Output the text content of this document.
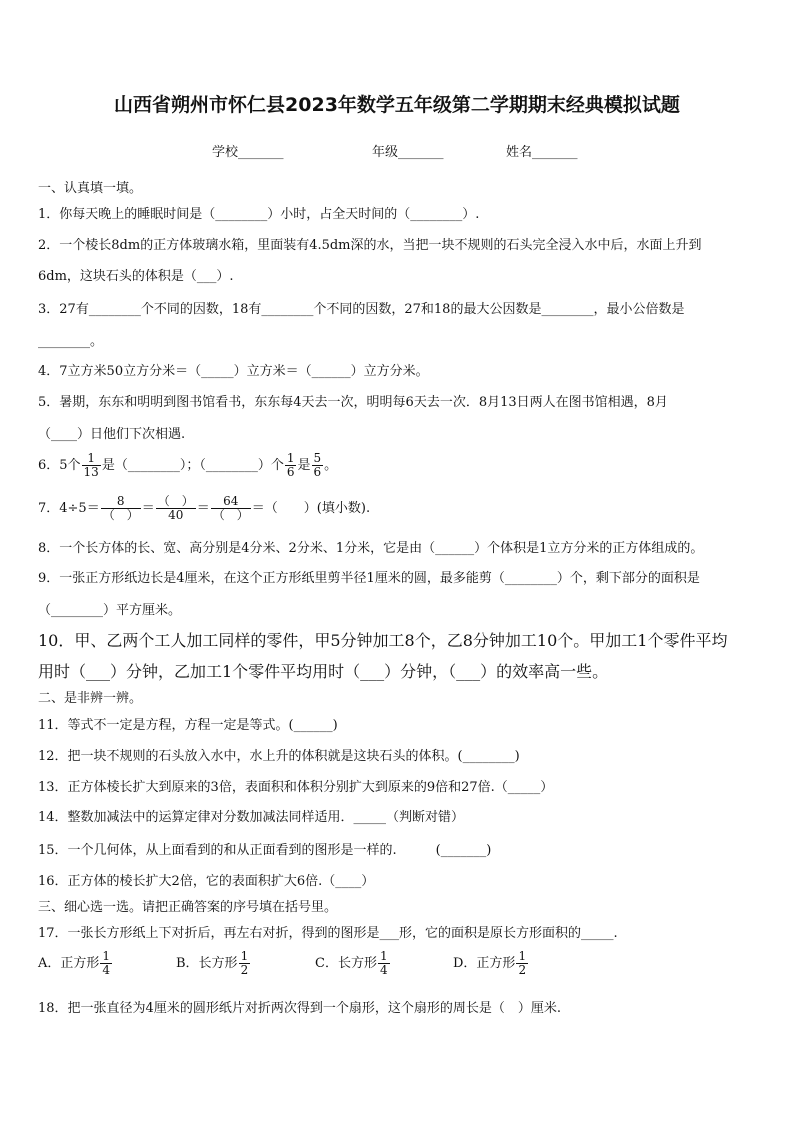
山西省朔州市怀仁县2023年数学五年级第二学期期末经典模拟试题
学校_______	年级_______	姓名_______
一、认真填一填。
1．你每天晚上的睡眠时间是（________）小时，占全天时间的（________）.
2．一个棱长8dm的正方体玻璃水箱，里面装有4.5dm深的水，当把一块不规则的石头完全浸入水中后，水面上升到
6dm，这块石头的体积是（___）.
3．27有________个不同的因数，18有________个不同的因数，27和18的最大公因数是________，最小公倍数是
________。
4．7立方米50立方分米＝（_____）立方米＝（______）立方分米。
5．暑期，东东和明明到图书馆看书，东东每4天去一次，明明每6天去一次．8月13日两人在图书馆相遇，8月
（____）日他们下次相遇.
6．5个 $\frac{1}{13}$ 是（________）；（________）个 $\frac{1}{6}$ 是 $\frac{5}{6}$ 。
7．$4\div 5= \frac{8}{( )} = \frac{( )}{40} = \frac{64}{( )}$ ＝（　　）(填小数).
8．一个长方体的长、宽、高分别是4分米、2分米、1分米，它是由（______）个体积是1立方分米的正方体组成的。
9．一张正方形纸边长是4厘米，在这个正方形纸里剪半径1厘米的圆，最多能剪（________）个，剩下部分的面积是
（________）平方厘米。
10．甲、乙两个工人加工同样的零件，甲5分钟加工8个，乙8分钟加工10个。甲加工1个零件平均
用时（___）分钟，乙加工1个零件平均用时（___）分钟，（___）的效率高一些。
二、是非辨一辨。
11．等式不一定是方程，方程一定是等式。(______)
12．把一块不规则的石头放入水中，水上升的体积就是这块石头的体积。(________)
13．正方体棱长扩大到原来的3倍，表面积和体积分别扩大到原来的9倍和27倍.（_____）
14．整数加减法中的运算定律对分数加减法同样适用．_____（判断对错）
15．一个几何体，从上面看到的和从正面看到的图形是一样的.　　　(_______)
16．正方体的棱长扩大2倍，它的表面积扩大6倍.（____）
三、细心选一选。请把正确答案的序号填在括号里。
17．一张长方形纸上下对折后，再左右对折，得到的图形是___形，它的面积是原长方形面积的_____.
A．正方形 $\frac{1}{4}$	B．长方形 $\frac{1}{2}$	C．长方形 $\frac{1}{4}$	D．正方形 $\frac{1}{2}$
18．把一张直径为4厘米的圆形纸片对折两次得到一个扇形，这个扇形的周长是（　）厘米.
